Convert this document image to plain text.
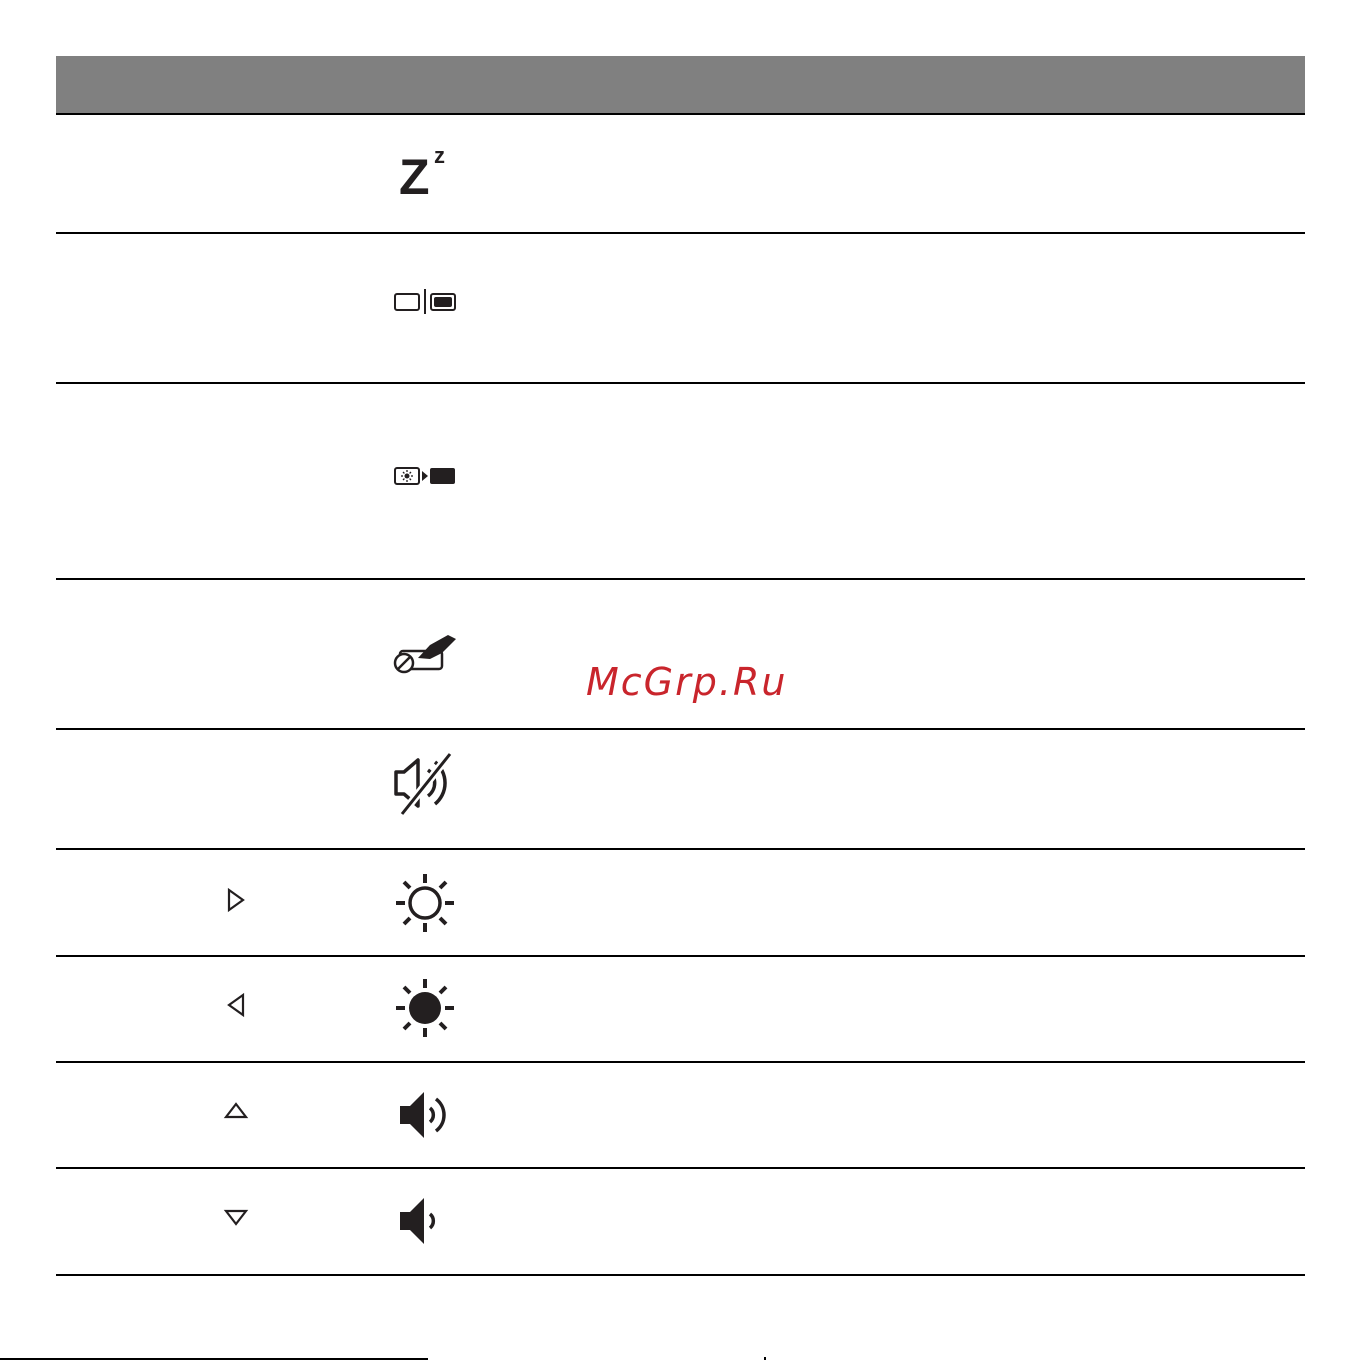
Z z
McGrp.Ru
